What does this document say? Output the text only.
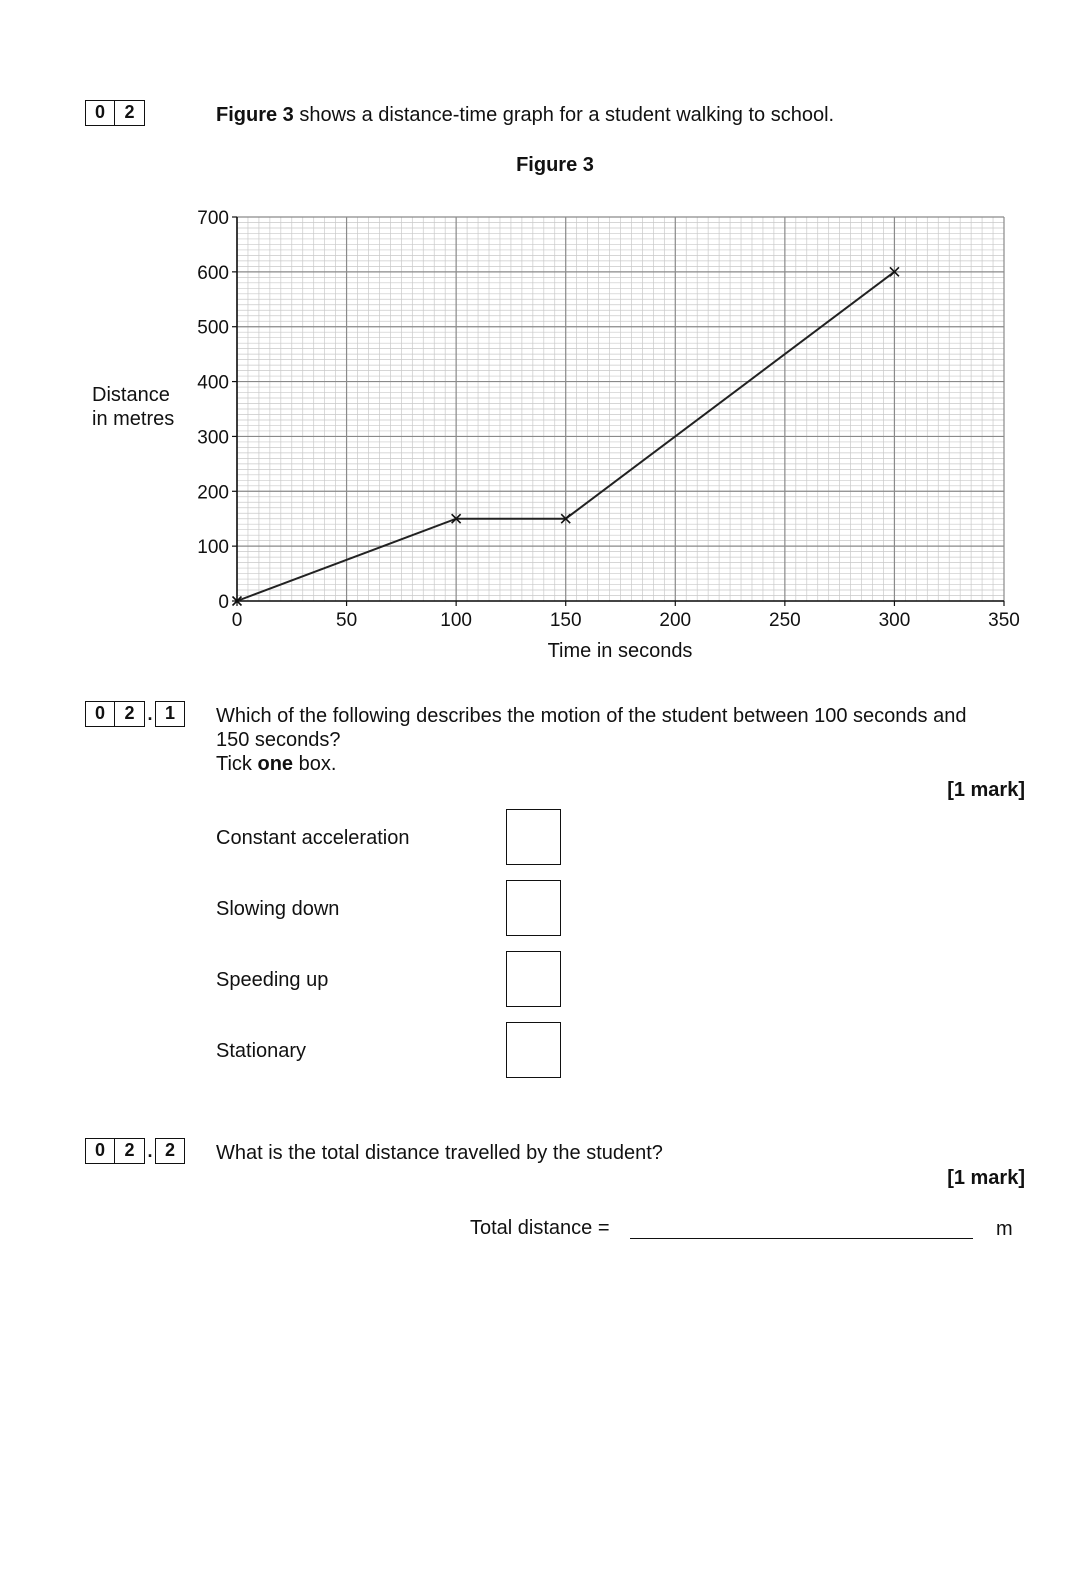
0	2	Figure 3 shows a distance-time graph for a student walking to school.
Figure 3
Distance
in metres
0
100
200
300
400
500
600
700
0	50	100	150	200	250	300	350
Time in seconds
0	2 . 1	Which of the following describes the motion of the student between 100 seconds and
150 seconds?
Tick one box.
[1 mark]
Constant acceleration
Slowing down
Speeding up
Stationary
0	2 . 2	What is the total distance travelled by the student?
[1 mark]
Total distance =	m
